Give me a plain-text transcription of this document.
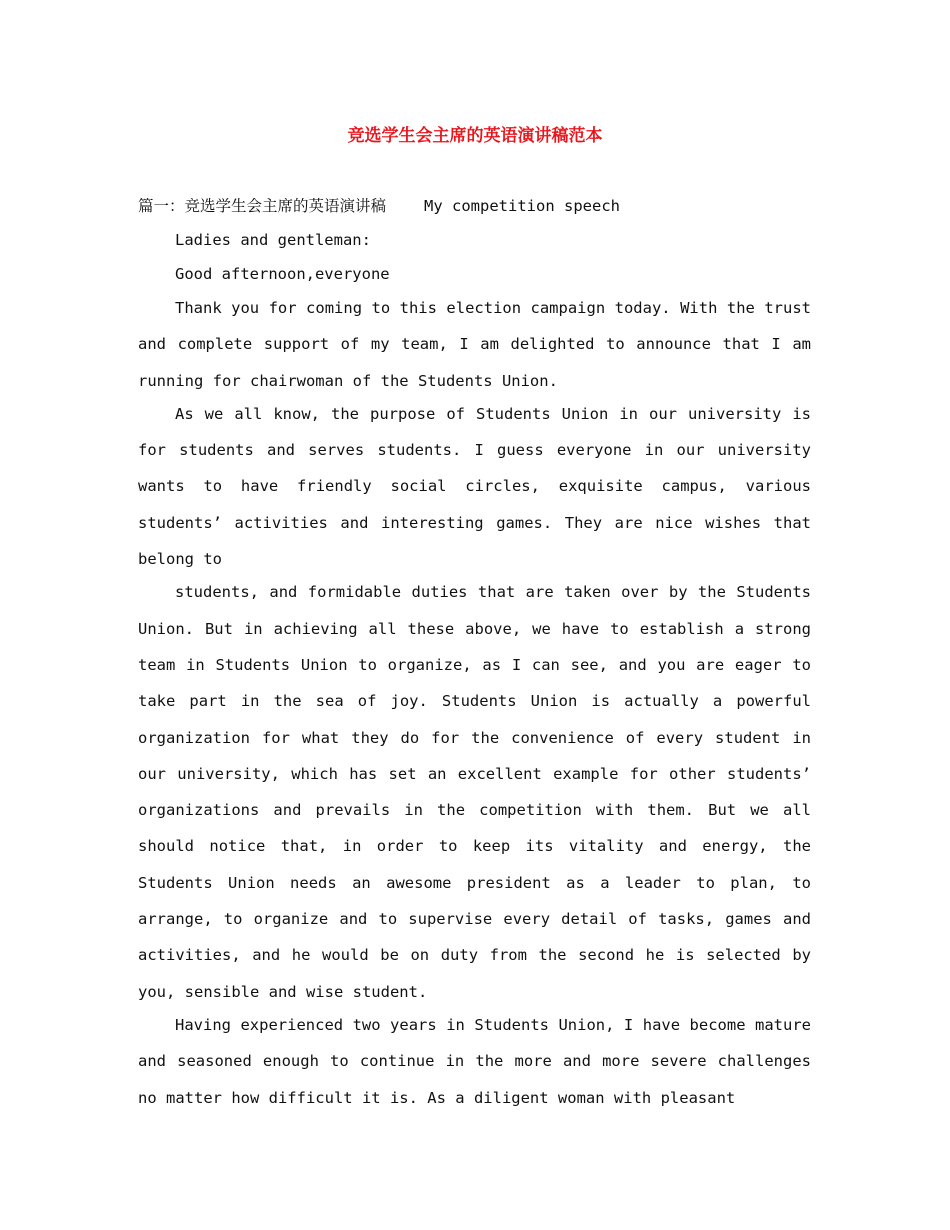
竞选学生会主席的英语演讲稿范本

篇一：竞选学生会主席的英语演讲稿 My competition speech

Ladies and gentleman:

Good afternoon,everyone

Thank you for coming to this election campaign today. With the trust and complete support of my team, I am delighted to announce that I am running for chairwoman of the Students Union.

As we all know, the purpose of Students Union in our university is for students and serves students. I guess everyone in our university wants to have friendly social circles, exquisite campus, various students’ activities and interesting games. They are nice wishes that belong to

students, and formidable duties that are taken over by the Students Union. But in achieving all these above, we have to establish a strong team in Students Union to organize, as I can see, and you are eager to take part in the sea of joy. Students Union is actually a powerful organization for what they do for the convenience of every student in our university, which has set an excellent example for other students’ organizations and prevails in the competition with them. But we all should notice that, in order to keep its vitality and energy, the Students Union needs an awesome president as a leader to plan, to arrange, to organize and to supervise every detail of tasks, games and activities, and he would be on duty from the second he is selected by you, sensible and wise student.

Having experienced two years in Students Union, I have become mature and seasoned enough to continue in the more and more severe challenges no matter how difficult it is. As a diligent woman with pleasant
